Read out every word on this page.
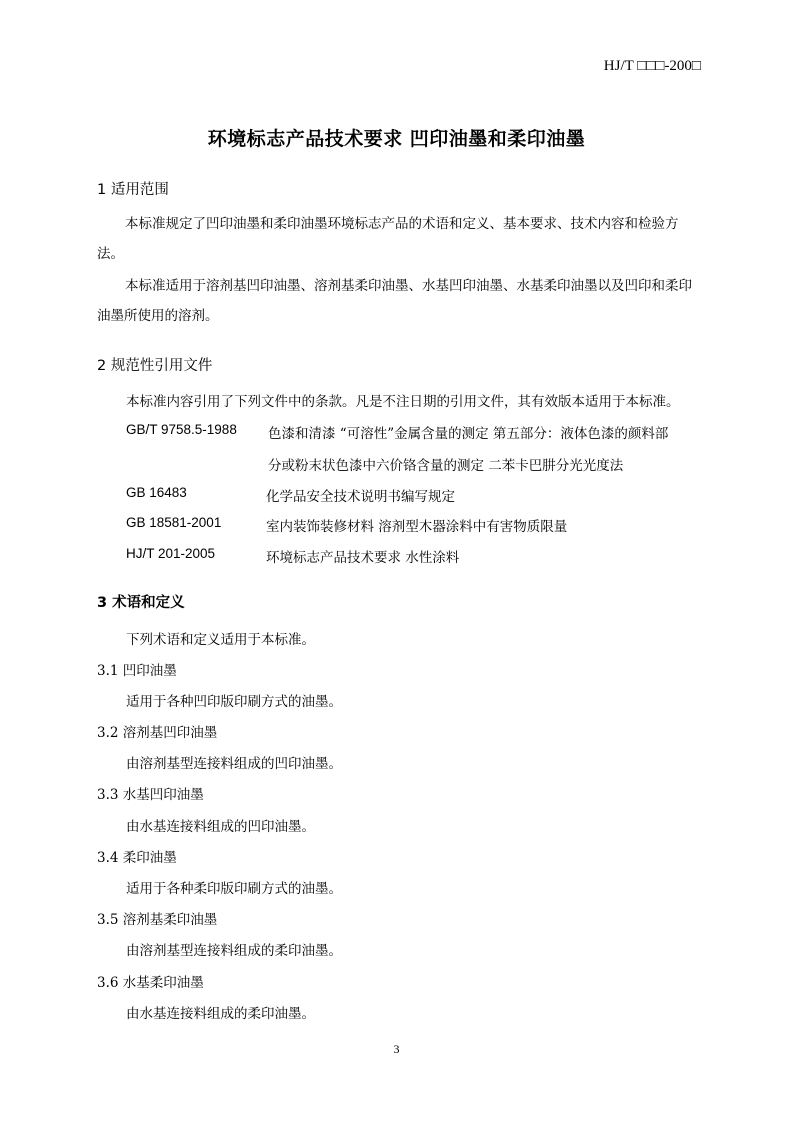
HJ/T □□□-200□
环境标志产品技术要求 凹印油墨和柔印油墨
1 适用范围

本标准规定了凹印油墨和柔印油墨环境标志产品的术语和定义、基本要求、技术内容和检验方法。

本标准适用于溶剂基凹印油墨、溶剂基柔印油墨、水基凹印油墨、水基柔印油墨以及凹印和柔印油墨所使用的溶剂。

2 规范性引用文件
本标准内容引用了下列文件中的条款。凡是不注日期的引用文件，其有效版本适用于本标准。
GB/T 9758.5-1988 色漆和清漆 “可溶性”金属含量的测定 第五部分：液体色漆的颜料部
分或粉末状色漆中六价铬含量的测定 二苯卡巴肼分光光度法
GB 16483	化学品安全技术说明书编写规定
GB 18581-2001	室内装饰装修材料 溶剂型木器涂料中有害物质限量
HJ/T 201-2005	环境标志产品技术要求 水性涂料
3 术语和定义
下列术语和定义适用于本标准。
3.1 凹印油墨
适用于各种凹印版印刷方式的油墨。
3.2 溶剂基凹印油墨
由溶剂基型连接料组成的凹印油墨。
3.3 水基凹印油墨
由水基连接料组成的凹印油墨。
3.4 柔印油墨
适用于各种柔印版印刷方式的油墨。
3.5 溶剂基柔印油墨
由溶剂基型连接料组成的柔印油墨。
3.6 水基柔印油墨
由水基连接料组成的柔印油墨。
3
